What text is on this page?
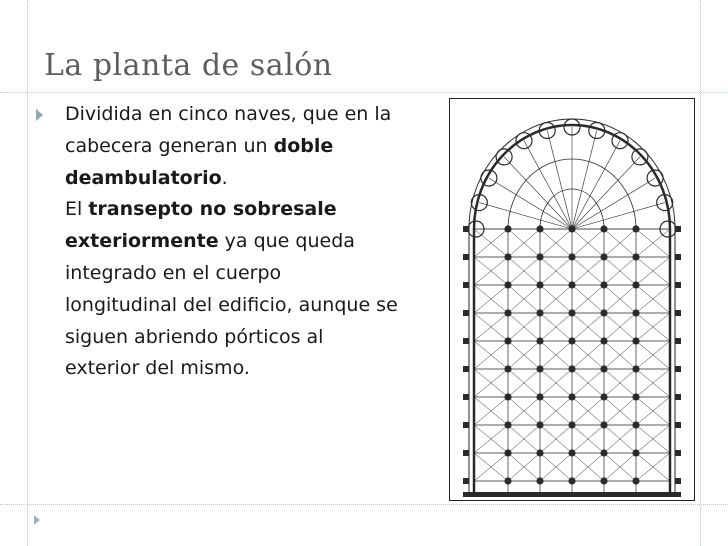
La planta de salón
Dividida en cinco naves, que en la cabecera generan un doble deambulatorio. El transepto no sobresale exteriormente ya que queda integrado en el cuerpo longitudinal del edificio, aunque se siguen abriendo pórticos al exterior del mismo.
